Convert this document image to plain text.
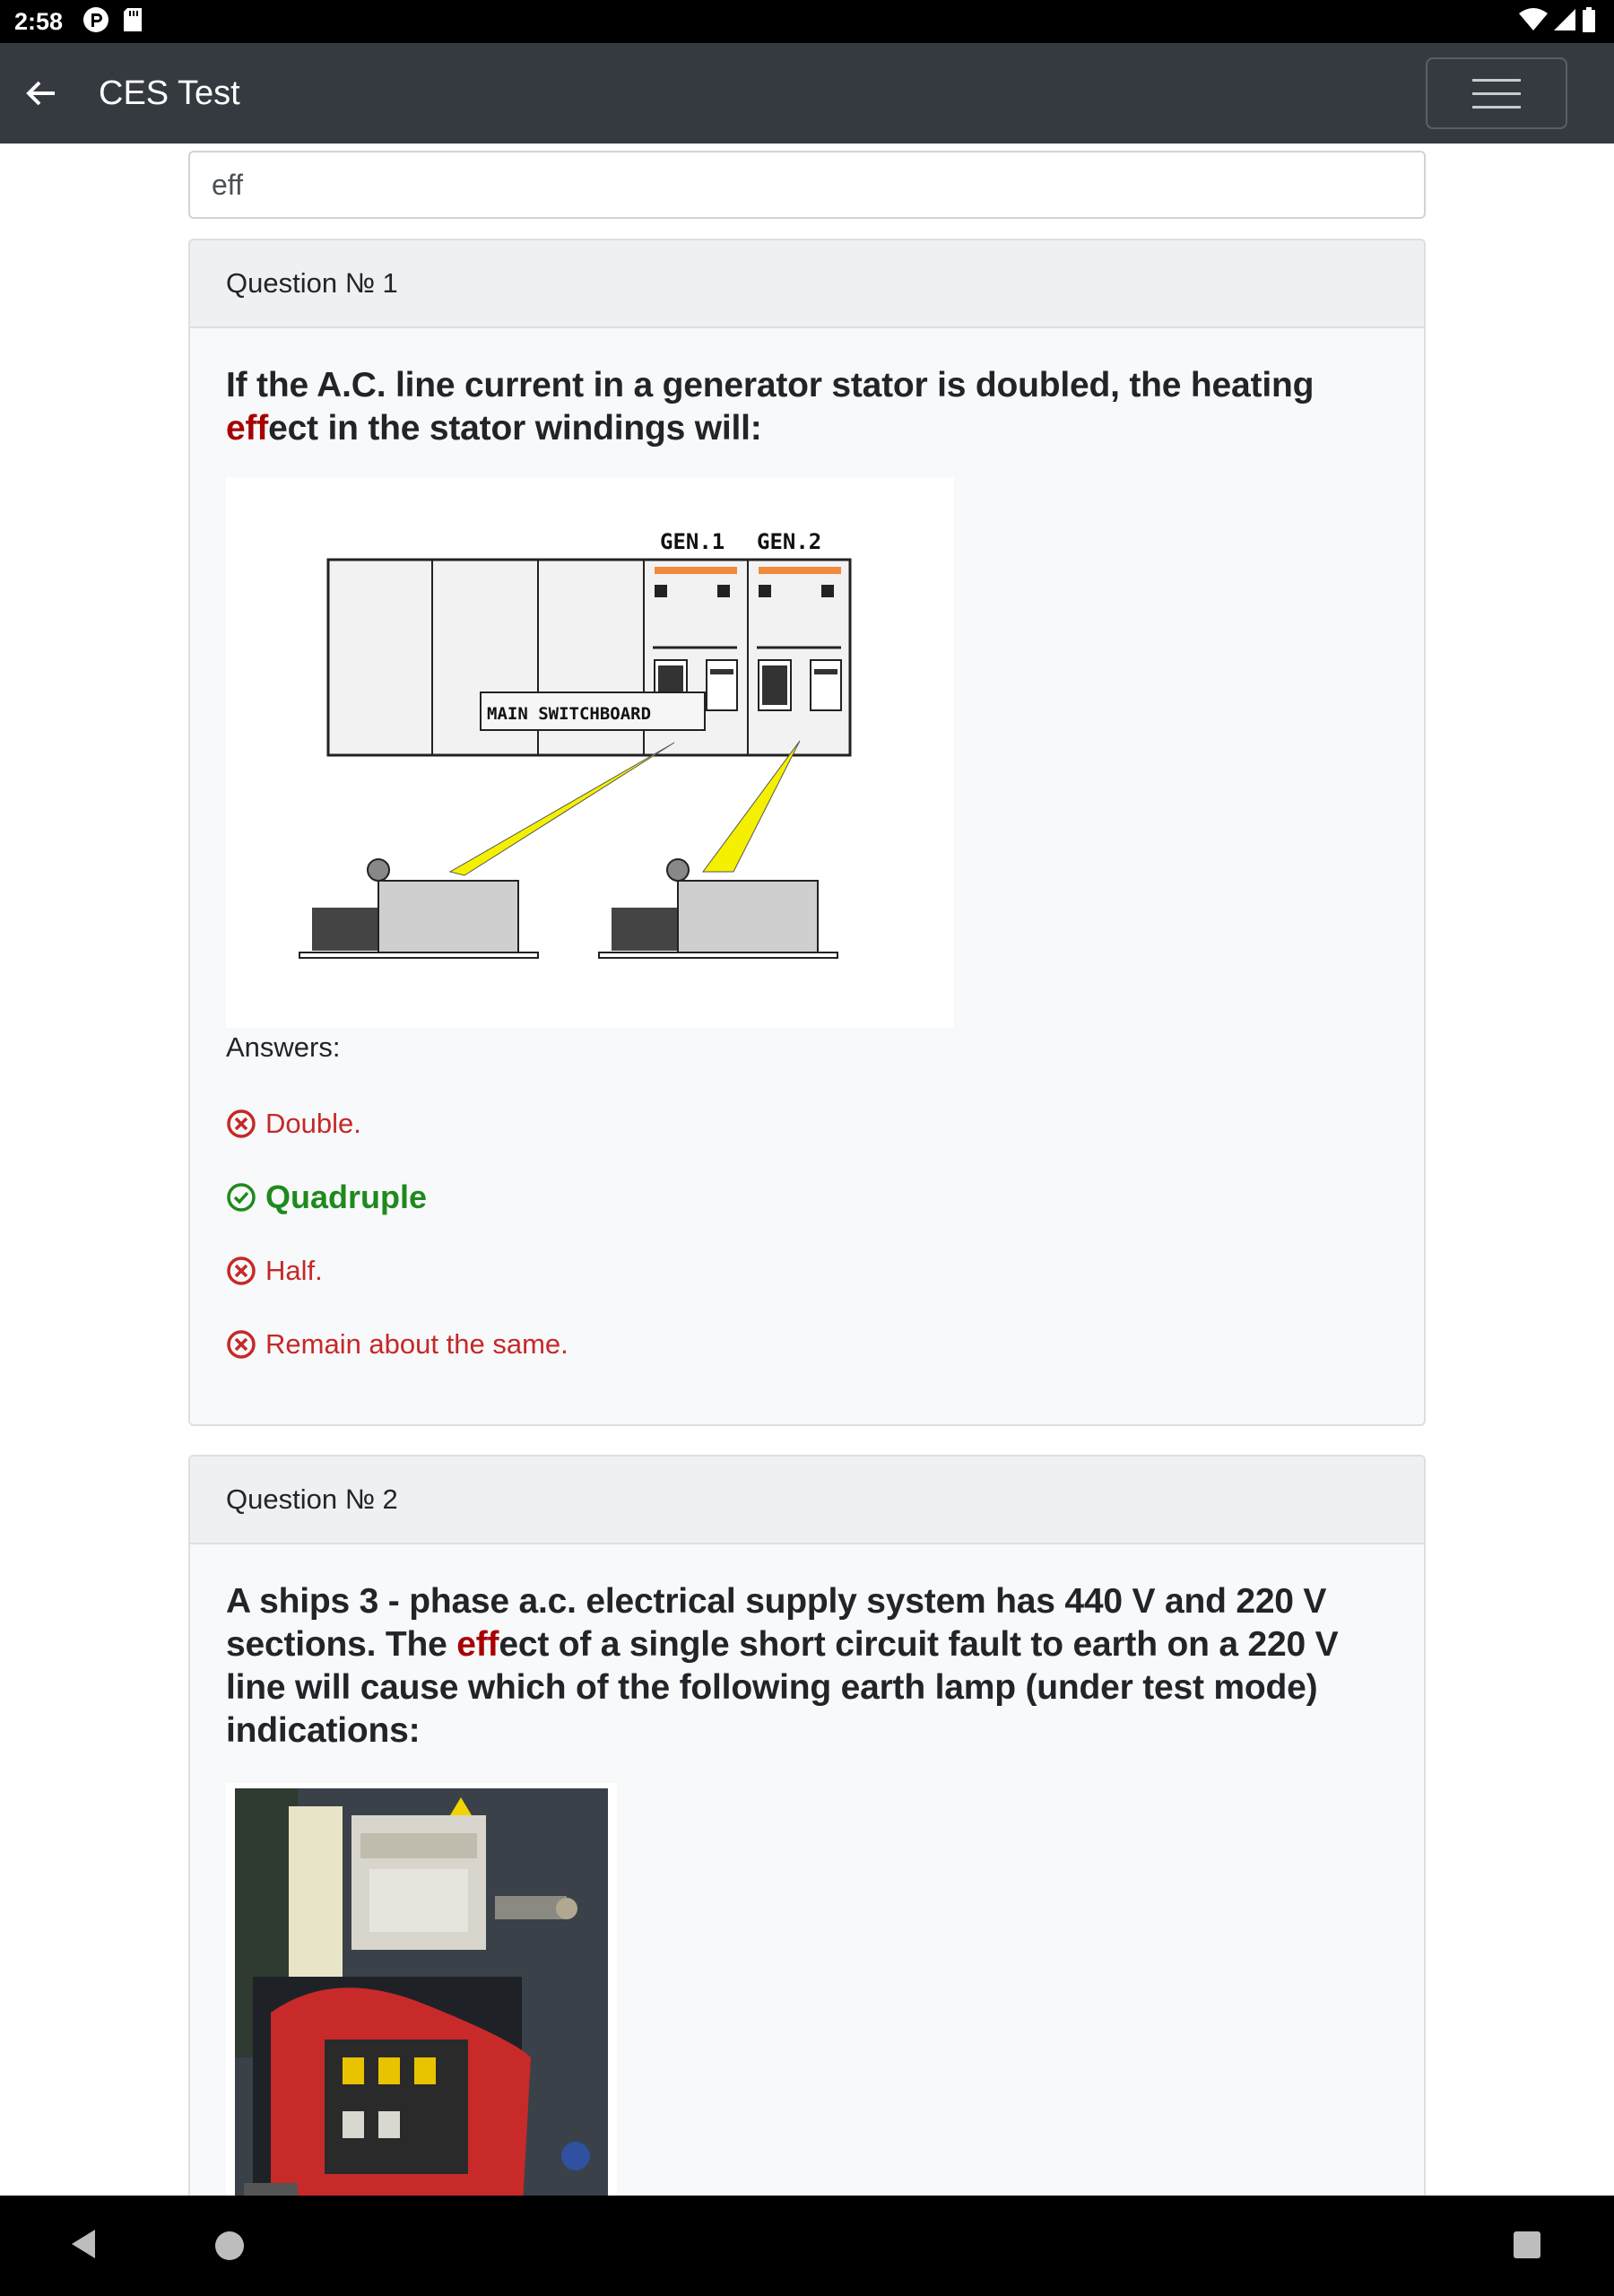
2:58
CES Test
eff
Question № 1
If the A.C. line current in a generator stator is doubled, the heating effect in the stator windings will:
GEN.1 GEN.2
MAIN SWITCHBOARD
Answers:
Double.
Quadruple
Half.
Remain about the same.
Question № 2
A ships 3 - phase a.c. electrical supply system has 440 V and 220 V sections. The effect of a single short circuit fault to earth on a 220 V line will cause which of the following earth lamp (under test mode) indications:
